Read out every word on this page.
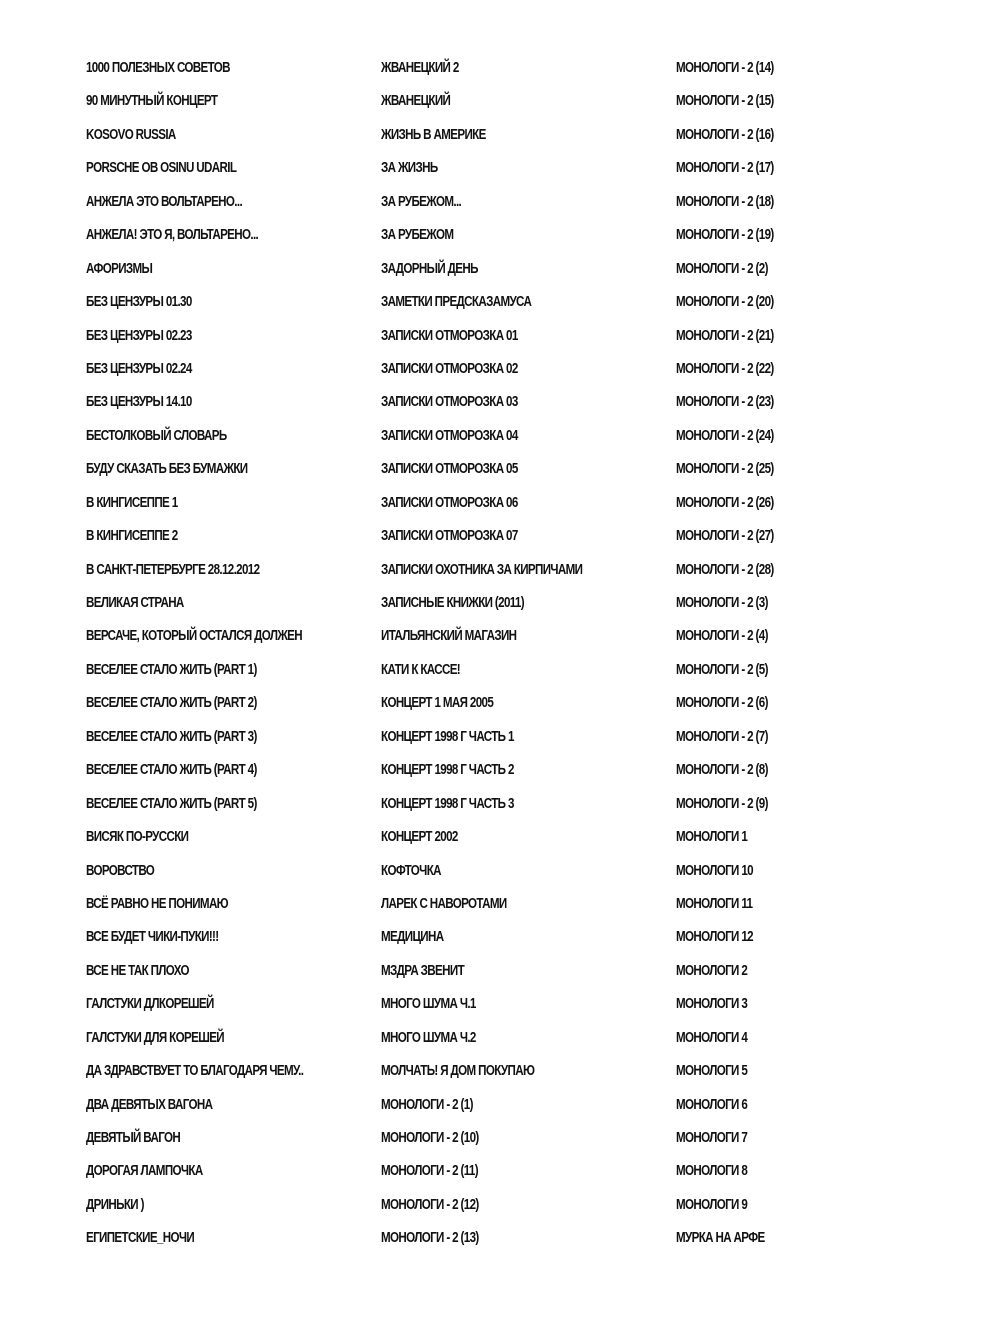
1000 ПОЛЕЗНЫХ СОВЕТОВ
90 МИНУТНЫЙ КОНЦЕРТ
KOSOVO RUSSIA
PORSCHE OB OSINU UDARIL
АНЖЕЛА ЭТО ВОЛЬТАРЕНО...
АНЖЕЛА! ЭТО Я, ВОЛЬТАРЕНО...
АФОРИЗМЫ
БЕЗ ЦЕНЗУРЫ 01.30
БЕЗ ЦЕНЗУРЫ 02.23
БЕЗ ЦЕНЗУРЫ 02.24
БЕЗ ЦЕНЗУРЫ 14.10
БЕСТОЛКОВЫЙ СЛОВАРЬ
БУДУ СКАЗАТЬ БЕЗ БУМАЖКИ
В КИНГИСЕППЕ 1
В КИНГИСЕППЕ 2
В САНКТ-ПЕТЕРБУРГЕ 28.12.2012
ВЕЛИКАЯ СТРАНА
ВЕРСАЧЕ, КОТОРЫЙ ОСТАЛСЯ ДОЛЖЕН
ВЕСЕЛЕЕ СТАЛО ЖИТЬ (PART 1)
ВЕСЕЛЕЕ СТАЛО ЖИТЬ (PART 2)
ВЕСЕЛЕЕ СТАЛО ЖИТЬ (PART 3)
ВЕСЕЛЕЕ СТАЛО ЖИТЬ (PART 4)
ВЕСЕЛЕЕ СТАЛО ЖИТЬ (PART 5)
ВИСЯК ПО-РУССКИ
ВОРОВСТВО
ВСЁ РАВНО НЕ ПОНИМАЮ
ВСЕ БУДЕТ ЧИКИ-ПУКИ!!!
ВСЕ НЕ ТАК ПЛОХО
ГАЛСТУКИ ДЛКОРЕШЕЙ
ГАЛСТУКИ ДЛЯ КОРЕШЕЙ
ДА ЗДРАВСТВУЕТ ТО БЛАГОДАРЯ ЧЕМУ..
ДВА ДЕВЯТЫХ ВАГОНА
ДЕВЯТЫЙ ВАГОН
ДОРОГАЯ ЛАМПОЧКА
ДРИНЬКИ )
ЕГИПЕТСКИЕ_НОЧИ
ЖВАНЕЦКИЙ 2
ЖВАНЕЦКИЙ
ЖИЗНЬ В АМЕРИКЕ
ЗА ЖИЗНЬ
ЗА РУБЕЖОМ...
ЗА РУБЕЖОМ
ЗАДОРНЫЙ ДЕНЬ
ЗАМЕТКИ ПРЕДСКАЗАМУСА
ЗАПИСКИ ОТМОРОЗКА 01
ЗАПИСКИ ОТМОРОЗКА 02
ЗАПИСКИ ОТМОРОЗКА 03
ЗАПИСКИ ОТМОРОЗКА 04
ЗАПИСКИ ОТМОРОЗКА 05
ЗАПИСКИ ОТМОРОЗКА 06
ЗАПИСКИ ОТМОРОЗКА 07
ЗАПИСКИ ОХОТНИКА ЗА КИРПИЧАМИ
ЗАПИСНЫЕ КНИЖКИ (2011)
ИТАЛЬЯНСКИЙ МАГАЗИН
КАТИ К КАССЕ!
КОНЦЕРТ 1 МАЯ 2005
КОНЦЕРТ 1998 Г ЧАСТЬ 1
КОНЦЕРТ 1998 Г ЧАСТЬ 2
КОНЦЕРТ 1998 Г ЧАСТЬ 3
КОНЦЕРТ 2002
КОФТОЧКА
ЛАРЕК С НАВОРОТАМИ
МЕДИЦИНА
МЗДРА ЗВЕНИТ
МНОГО ШУМА Ч.1
МНОГО ШУМА Ч.2
МОЛЧАТЬ! Я ДОМ ПОКУПАЮ
МОНОЛОГИ - 2 (1)
МОНОЛОГИ - 2 (10)
МОНОЛОГИ - 2 (11)
МОНОЛОГИ - 2 (12)
МОНОЛОГИ - 2 (13)
МОНОЛОГИ - 2 (14)
МОНОЛОГИ - 2 (15)
МОНОЛОГИ - 2 (16)
МОНОЛОГИ - 2 (17)
МОНОЛОГИ - 2 (18)
МОНОЛОГИ - 2 (19)
МОНОЛОГИ - 2 (2)
МОНОЛОГИ - 2 (20)
МОНОЛОГИ - 2 (21)
МОНОЛОГИ - 2 (22)
МОНОЛОГИ - 2 (23)
МОНОЛОГИ - 2 (24)
МОНОЛОГИ - 2 (25)
МОНОЛОГИ - 2 (26)
МОНОЛОГИ - 2 (27)
МОНОЛОГИ - 2 (28)
МОНОЛОГИ - 2 (3)
МОНОЛОГИ - 2 (4)
МОНОЛОГИ - 2 (5)
МОНОЛОГИ - 2 (6)
МОНОЛОГИ - 2 (7)
МОНОЛОГИ - 2 (8)
МОНОЛОГИ - 2 (9)
МОНОЛОГИ 1
МОНОЛОГИ 10
МОНОЛОГИ 11
МОНОЛОГИ 12
МОНОЛОГИ 2
МОНОЛОГИ 3
МОНОЛОГИ 4
МОНОЛОГИ 5
МОНОЛОГИ 6
МОНОЛОГИ 7
МОНОЛОГИ 8
МОНОЛОГИ 9
МУРКА НА АРФЕ
